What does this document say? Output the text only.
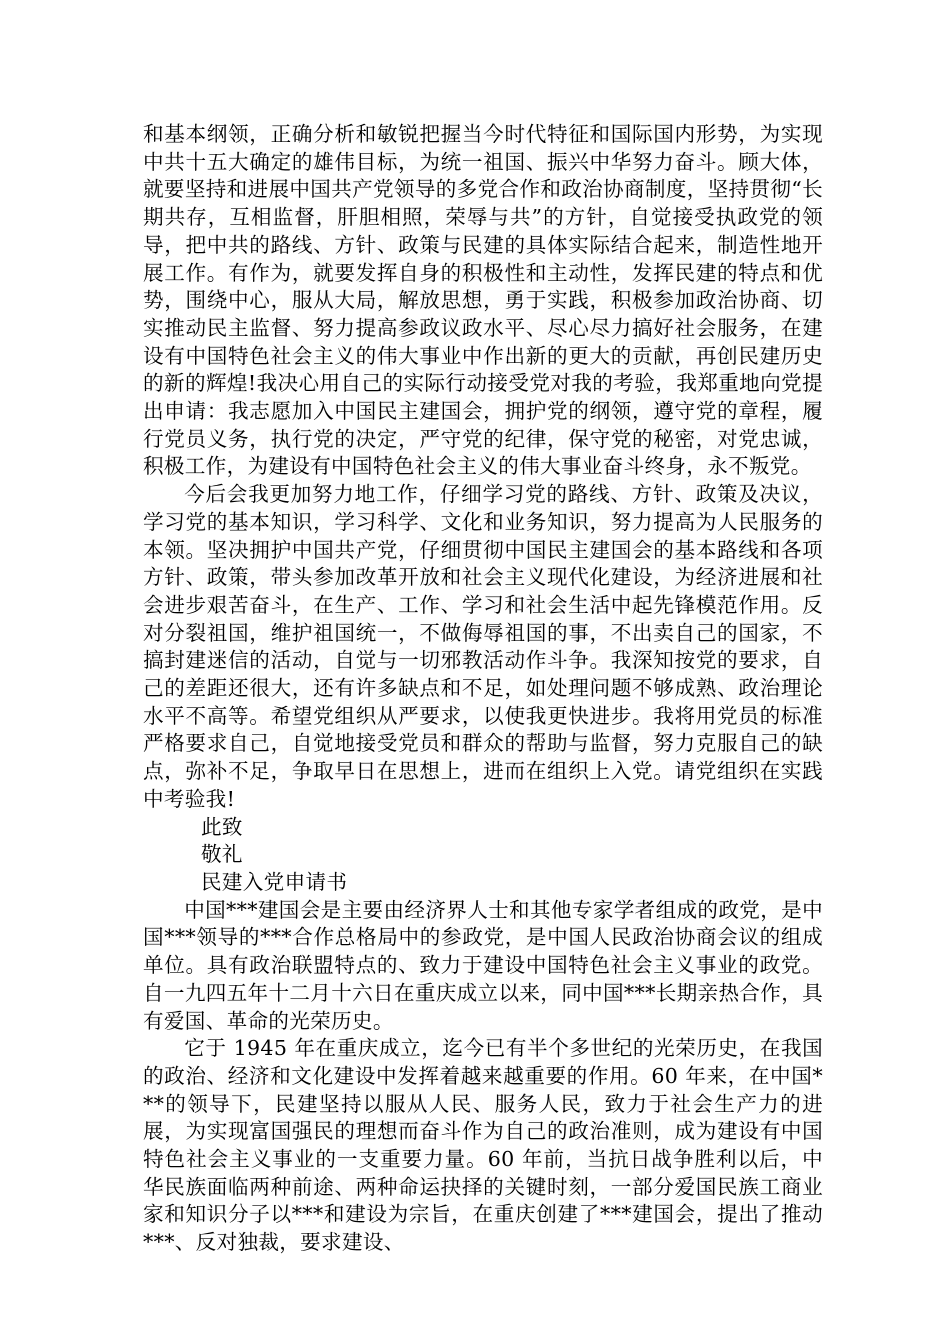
和基本纲领，正确分析和敏锐把握当今时代特征和国际国内形势，为实现中共十五大确定的雄伟目标，为统一祖国、振兴中华努力奋斗。顾大体，就要坚持和进展中国共产党领导的多党合作和政治协商制度，坚持贯彻“长期共存，互相监督，肝胆相照，荣辱与共”的方针，自觉接受执政党的领导，把中共的路线、方针、政策与民建的具体实际结合起来，制造性地开展工作。有作为，就要发挥自身的积极性和主动性，发挥民建的特点和优势，围绕中心，服从大局，解放思想，勇于实践，积极参加政治协商、切实推动民主监督、努力提高参政议政水平、尽心尽力搞好社会服务，在建设有中国特色社会主义的伟大事业中作出新的更大的贡献，再创民建历史的新的辉煌!我决心用自己的实际行动接受党对我的考验，我郑重地向党提出申请：我志愿加入中国民主建国会，拥护党的纲领，遵守党的章程，履行党员义务，执行党的决定，严守党的纪律，保守党的秘密，对党忠诚，积极工作，为建设有中国特色社会主义的伟大事业奋斗终身，永不叛党。

今后会我更加努力地工作，仔细学习党的路线、方针、政策及决议，学习党的基本知识，学习科学、文化和业务知识，努力提高为人民服务的本领。坚决拥护中国共产党，仔细贯彻中国民主建国会的基本路线和各项方针、政策，带头参加改革开放和社会主义现代化建设，为经济进展和社会进步艰苦奋斗，在生产、工作、学习和社会生活中起先锋模范作用。反对分裂祖国，维护祖国统一，不做侮辱祖国的事，不出卖自己的国家，不搞封建迷信的活动，自觉与一切邪教活动作斗争。我深知按党的要求，自己的差距还很大，还有许多缺点和不足，如处理问题不够成熟、政治理论水平不高等。希望党组织从严要求，以使我更快进步。我将用党员的标准严格要求自己，自觉地接受党员和群众的帮助与监督，努力克服自己的缺点，弥补不足，争取早日在思想上，进而在组织上入党。请党组织在实践中考验我!

此致

敬礼

民建入党申请书

中国***建国会是主要由经济界人士和其他专家学者组成的政党，是中国***领导的***合作总格局中的参政党，是中国人民政治协商会议的组成单位。具有政治联盟特点的、致力于建设中国特色社会主义事业的政党。自一九四五年十二月十六日在重庆成立以来，同中国***长期亲热合作，具有爱国、革命的光荣历史。

它于 1945 年在重庆成立，迄今已有半个多世纪的光荣历史，在我国的政治、经济和文化建设中发挥着越来越重要的作用。60 年来，在中国***的领导下，民建坚持以服从人民、服务人民，致力于社会生产力的进展，为实现富国强民的理想而奋斗作为自己的政治准则，成为建设有中国特色社会主义事业的一支重要力量。60 年前，当抗日战争胜利以后，中华民族面临两种前途、两种命运抉择的关键时刻，一部分爱国民族工商业家和知识分子以***和建设为宗旨，在重庆创建了***建国会，提出了推动***、反对独裁，要求建设、
